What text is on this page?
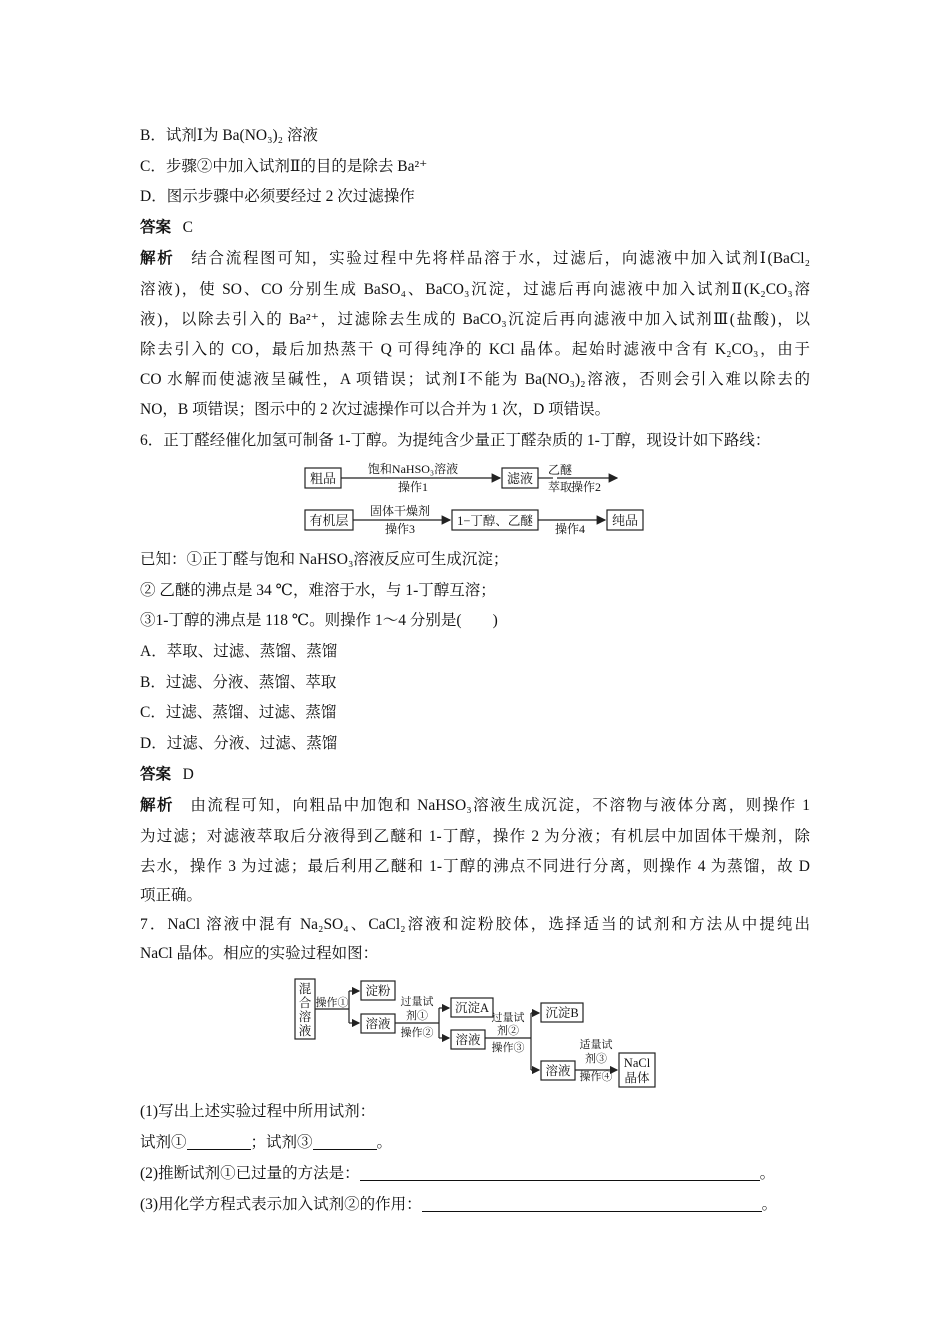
B．试剂Ⅰ为 Ba(NO₃)₂ 溶液
C．步骤②中加入试剂Ⅱ的目的是除去 Ba²⁺
D．图示步骤中必须要经过 2 次过滤操作
答案 C
解析 结合流程图可知，实验过程中先将样品溶于水，过滤后，向滤液中加入试剂Ⅰ(BaCl₂
溶液)，使 SO、CO 分别生成 BaSO₄、BaCO₃沉淀，过滤后再向滤液中加入试剂Ⅱ(K₂CO₃溶
液)，以除去引入的 Ba²⁺，过滤除去生成的 BaCO₃沉淀后再向滤液中加入试剂Ⅲ(盐酸)，以
除去引入的 CO，最后加热蒸干 Q 可得纯净的 KCl 晶体。起始时滤液中含有 K₂CO₃，由于
CO 水解而使滤液呈碱性，A 项错误；试剂Ⅰ不能为 Ba(NO₃)₂溶液，否则会引入难以除去的
NO，B 项错误；图示中的 2 次过滤操作可以合并为 1 次，D 项错误。
6．正丁醛经催化加氢可制备 1-丁醇。为提纯含少量正丁醛杂质的 1-丁醇，现设计如下路线：
粗品
饱和NaHSO₃溶液
操作1
滤液
乙醚
萃取
操作2
有机层
固体干燥剂
操作3
1−丁醇、乙醚
操作4
纯品
已知：①正丁醛与饱和 NaHSO₃溶液反应可生成沉淀；
② 乙醚的沸点是 34 ℃，难溶于水，与 1-丁醇互溶；
③1-丁醇的沸点是 118 ℃。则操作 1～4 分别是(　　)
A．萃取、过滤、蒸馏、蒸馏
B．过滤、分液、蒸馏、萃取
C．过滤、蒸馏、过滤、蒸馏
D．过滤、分液、过滤、蒸馏
答案 D
解析 由流程可知，向粗品中加饱和 NaHSO₃溶液生成沉淀，不溶物与液体分离，则操作 1
为过滤；对滤液萃取后分液得到乙醚和 1-丁醇，操作 2 为分液；有机层中加固体干燥剂，除
去水，操作 3 为过滤；最后利用乙醚和 1-丁醇的沸点不同进行分离，则操作 4 为蒸馏，故 D
项正确。
7．NaCl 溶液中混有 Na₂SO₄、CaCl₂溶液和淀粉胶体，选择适当的试剂和方法从中提纯出
NaCl 晶体。相应的实验过程如图：
混
合
溶
液
操作①
淀粉
溶液
过量试
剂①
操作②
沉淀A
溶液
过量试
剂②
操作③
沉淀B
溶液
适量试
剂③
操作④
NaCl
晶体
(1)写出上述实验过程中所用试剂：
试剂①	；试剂③	。
(2)推断试剂①已过量的方法是：	。
(3)用化学方程式表示加入试剂②的作用：	。
